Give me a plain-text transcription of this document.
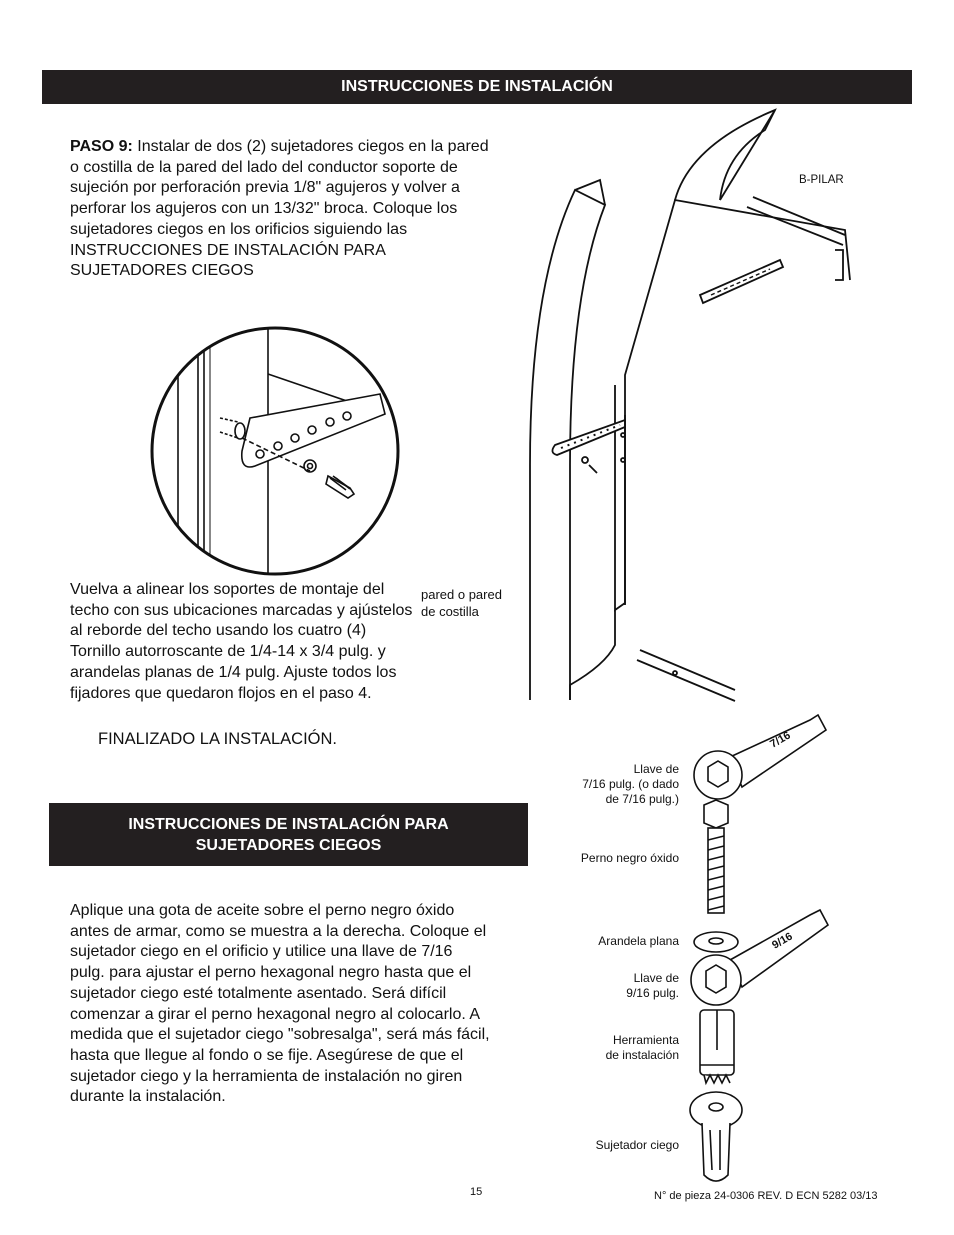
INSTRUCCIONES DE INSTALACIÓN
PASO 9: Instalar de dos (2) sujetadores ciegos en la pared o costilla de la pared del lado del conductor soporte de sujeción por perforación previa 1/8" agujeros y volver a perforar los agujeros con un 13/32" broca. Coloque los sujetadores ciegos en los orificios siguiendo las INSTRUCCIONES DE INSTALACIÓN PARA SUJETADORES CIEGOS
B-PILAR
pared o pared
de costilla
Vuelva a alinear los soportes de montaje del techo con sus ubicaciones marcadas y ajústelos al reborde del techo usando los cuatro (4) Tornillo autorroscante de 1/4-14 x 3/4 pulg. y arandelas planas de 1/4 pulg. Ajuste todos los fijadores que quedaron flojos en el paso 4.
FINALIZADO LA INSTALACIÓN.
INSTRUCCIONES DE INSTALACIÓN PARA
SUJETADORES CIEGOS
Aplique una gota de aceite sobre el perno negro óxido antes de armar, como se muestra a la derecha. Coloque el sujetador ciego en el orificio y utilice una llave de 7/16 pulg. para ajustar el perno hexagonal negro hasta que el sujetador ciego esté totalmente asentado. Será difícil comenzar a girar el perno hexagonal negro al colocarlo. A medida que el sujetador ciego "sobresalga", será más fácil, hasta que llegue al fondo o se fije. Asegúrese de que el sujetador ciego y la herramienta de instalación no giren durante la instalación.
7/16
9/16
Llave de
7/16 pulg. (o dado
de 7/16 pulg.)
Perno negro óxido
Arandela plana
Llave de
9/16 pulg.
Herramienta
de instalación
Sujetador ciego
15	N° de pieza 24-0306 REV. D ECN 5282 03/13
